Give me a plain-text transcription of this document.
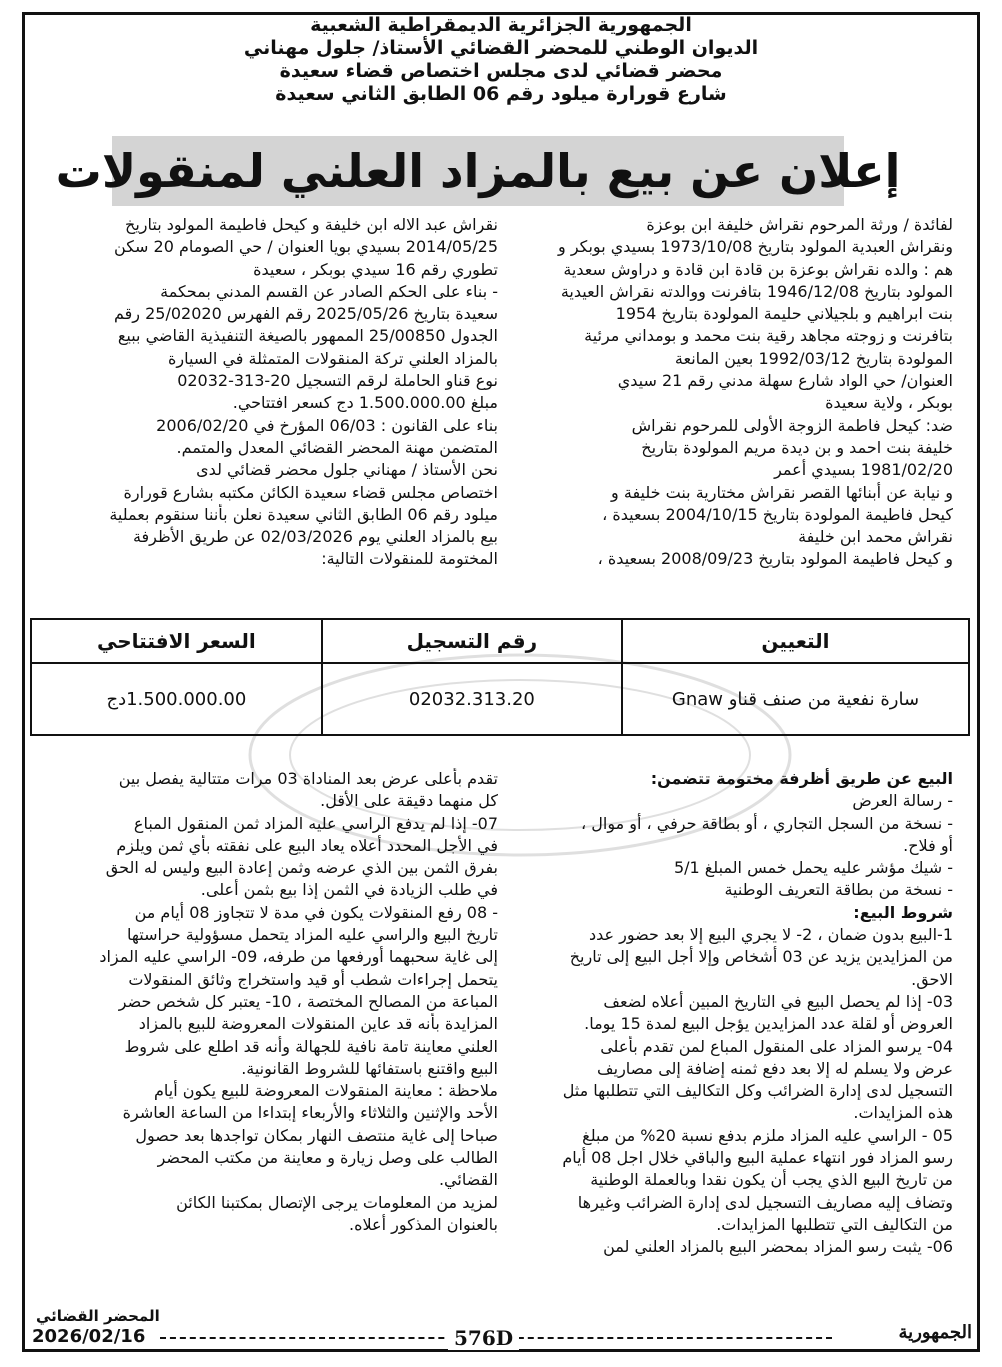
الجمهورية الجزائرية الديمقراطية الشعبية
الديوان الوطني للمحضر القضائي الأستاذ/ جلول مهناني
محضر قضائي لدى مجلس اختصاص قضاء سعيدة
شارع قورارة ميلود رقم 06 الطابق الثاني سعيدة
إعلان عن بيع بالمزاد العلني لمنقولات

لفائدة / ورثة المرحوم نقراش خليفة ابن بوعزة

ونقراش العبدية المولود بتاريخ 1973/10/08 بسيدي بوبكر و

هم : والده نقراش بوعزة بن قادة ابن قادة و دراوش سعدية

المولود بتاريخ 1946/12/08 بتافرنت ووالدته نقراش العيدية

بنت ابراهيم و بلجيلاني حليمة المولودة بتاريخ 1954

بتافرنت و زوجته مجاهد رقية بنت محمد و بومداني مرئية

المولودة بتاريخ 1992/03/12 بعين المانعة

العنوان/ حي الواد شارع سهلة مدني رقم 21 سيدي

بوبكر ، ولاية سعيدة

ضد: كيحل فاطمة الزوجة الأولى للمرحوم نقراش

خليفة بنت احمد و بن ديدة مريم المولودة بتاريخ

1981/02/20 بسيدي أعمر

و نيابة عن أبنائها القصر نقراش مختارية بنت خليفة و

كيحل فاطيمة المولودة بتاريخ 2004/10/15 بسعيدة ،

نقراش محمد ابن خليفة

و كيحل فاطيمة المولود بتاريخ 2008/09/23 بسعيدة ،

نقراش عبد الاله ابن خليفة و كيحل فاطيمة المولود بتاريخ

2014/05/25 بسيدي بويا العنوان / حي الصومام 20 سكن

تطوري رقم 16 سيدي بوبكر ، سعيدة

- بناء على الحكم الصادر عن القسم المدني بمحكمة

سعيدة بتاريخ 2025/05/26 رقم الفهرس 25/02020 رقم

الجدول 25/00850 الممهور بالصيغة التنفيذية القاضي ببيع

بالمزاد العلني تركة المنقولات المتمثلة في السيارة

نوع قناو الحاملة لرقم التسجيل 20-313-02032

مبلغ 1.500.000.00 دج كسعر افتتاحي.

بناء على القانون : 06/03 المؤرخ في 2006/02/20

المتضمن مهنة المحضر القضائي المعدل والمتمم.

نحن الأستاذ / مهناني جلول محضر قضائي لدى

اختصاص مجلس قضاء سعيدة الكائن مكتبه بشارع قورارة

ميلود رقم 06 الطابق الثاني سعيدة نعلن بأننا سنقوم بعملية

بيع بالمزاد العلني يوم 02/03/2026 عن طريق الأظرفة

المختومة للمنقولات التالية:

التعيين	رقم التسجيل	السعر الافتتاحي
سارة نفعية من صنف قناو Gnaw	02032.313.20	1.500.000.00دج

البيع عن طريق أظرفة مختومة تتضمن:

- رسالة العرض

- نسخة من السجل التجاري ، أو بطاقة حرفي ، أو موال ،

أو فلاح.

- شيك مؤشر عليه يحمل خمس المبلغ 5/1

- نسخة من بطاقة التعريف الوطنية

شروط البيع:

1-البيع بدون ضمان ، 2- لا يجري البيع إلا بعد حضور عدد

من المزايدين يزيد عن 03 أشخاص وإلا أجل البيع إلى تاريخ

الاحق.

03- إذا لم يحصل البيع في التاريخ المبين أعلاه لضعف

العروض أو لقلة عدد المزايدين يؤجل البيع لمدة 15 يوما.

04- يرسو المزاد على المنقول المباع لمن تقدم بأعلى

عرض ولا يسلم له إلا بعد دفع ثمنه إضافة إلى مصاريف

التسجيل لدى إدارة الضرائب وكل التكاليف التي تتطلبها مثل

هذه المزايدات.

05 - الراسي عليه المزاد ملزم بدفع نسبة 20% من مبلغ

رسو المزاد فور انتهاء عملية البيع والباقي خلال اجل 08 أيام

من تاريخ البيع الذي يجب أن يكون نقدا وبالعملة الوطنية

وتضاف إليه مصاريف التسجيل لدى إدارة الضرائب وغيرها

من التكاليف التي تتطلبها المزايدات.

06- يثبت رسو المزاد بمحضر البيع بالمزاد العلني لمن

تقدم بأعلى عرض بعد المناداة 03 مرات متتالية يفصل بين

كل منهما دقيقة على الأقل.

07- إذا لم يدفع الراسي عليه المزاد ثمن المنقول المباع

في الأجل المحدد أعلاه يعاد البيع على نفقته بأي ثمن ويلزم

بفرق الثمن بين الذي عرضه وثمن إعادة البيع وليس له الحق

في طلب الزيادة في الثمن إذا بيع بثمن أعلى.

- 08 رفع المنقولات يكون في مدة لا تتجاوز 08 أيام من

تاريخ البيع والراسي عليه المزاد يتحمل مسؤولية حراستها

إلى غاية سحبهما أورفعها من طرفه، 09- الراسي عليه المزاد

يتحمل إجراءات شطب أو قيد واستخراج وثائق المنقولات

المباعة من المصالح المختصة ، 10- يعتبر كل شخص حضر

المزايدة بأنه قد عاين المنقولات المعروضة للبيع بالمزاد

العلني معاينة تامة نافية للجهالة وأنه قد اطلع على شروط

البيع واقتنع باستفائها للشروط القانونية.

ملاحظة : معاينة المنقولات المعروضة للبيع يكون أيام

الأحد والإثنين والثلاثاء والأربعاء إبتداءا من الساعة العاشرة

صباحا إلى غاية منتصف النهار بمكان تواجدها بعد حصول

الطالب على وصل زيارة و معاينة من مكتب المحضر

القضائي.

لمزيد من المعلومات يرجى الإتصال بمكتبنا الكائن

بالعنوان المذكور أعلاه.

المحضر القضائي
2026/02/16	576D	الجمهورية
